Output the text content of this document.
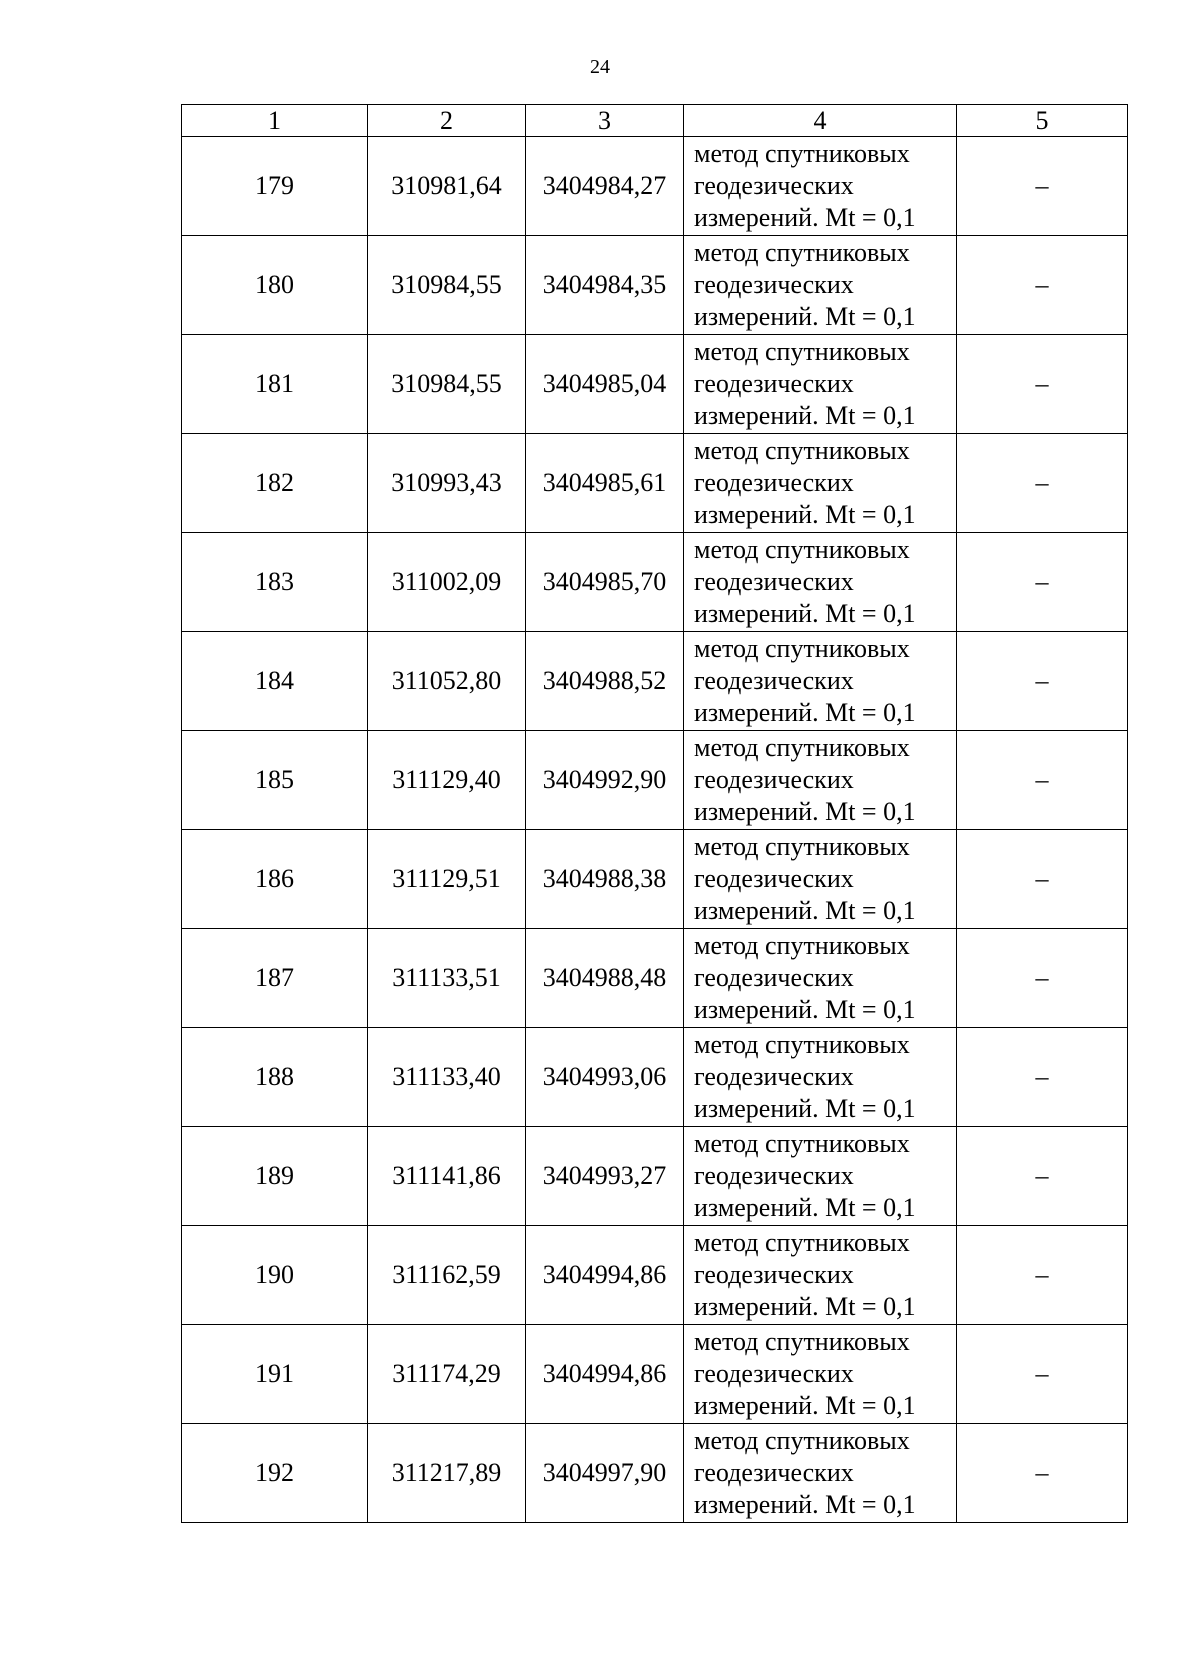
24
1	2	3	4	5
179	310981,64	3404984,27	метод спутниковых
геодезических
измерений. Mt = 0,1	–
180	310984,55	3404984,35	метод спутниковых
геодезических
измерений. Mt = 0,1	–
181	310984,55	3404985,04	метод спутниковых
геодезических
измерений. Mt = 0,1	–
182	310993,43	3404985,61	метод спутниковых
геодезических
измерений. Mt = 0,1	–
183	311002,09	3404985,70	метод спутниковых
геодезических
измерений. Mt = 0,1	–
184	311052,80	3404988,52	метод спутниковых
геодезических
измерений. Mt = 0,1	–
185	311129,40	3404992,90	метод спутниковых
геодезических
измерений. Mt = 0,1	–
186	311129,51	3404988,38	метод спутниковых
геодезических
измерений. Mt = 0,1	–
187	311133,51	3404988,48	метод спутниковых
геодезических
измерений. Mt = 0,1	–
188	311133,40	3404993,06	метод спутниковых
геодезических
измерений. Mt = 0,1	–
189	311141,86	3404993,27	метод спутниковых
геодезических
измерений. Mt = 0,1	–
190	311162,59	3404994,86	метод спутниковых
геодезических
измерений. Mt = 0,1	–
191	311174,29	3404994,86	метод спутниковых
геодезических
измерений. Mt = 0,1	–
192	311217,89	3404997,90	метод спутниковых
геодезических
измерений. Mt = 0,1	–
